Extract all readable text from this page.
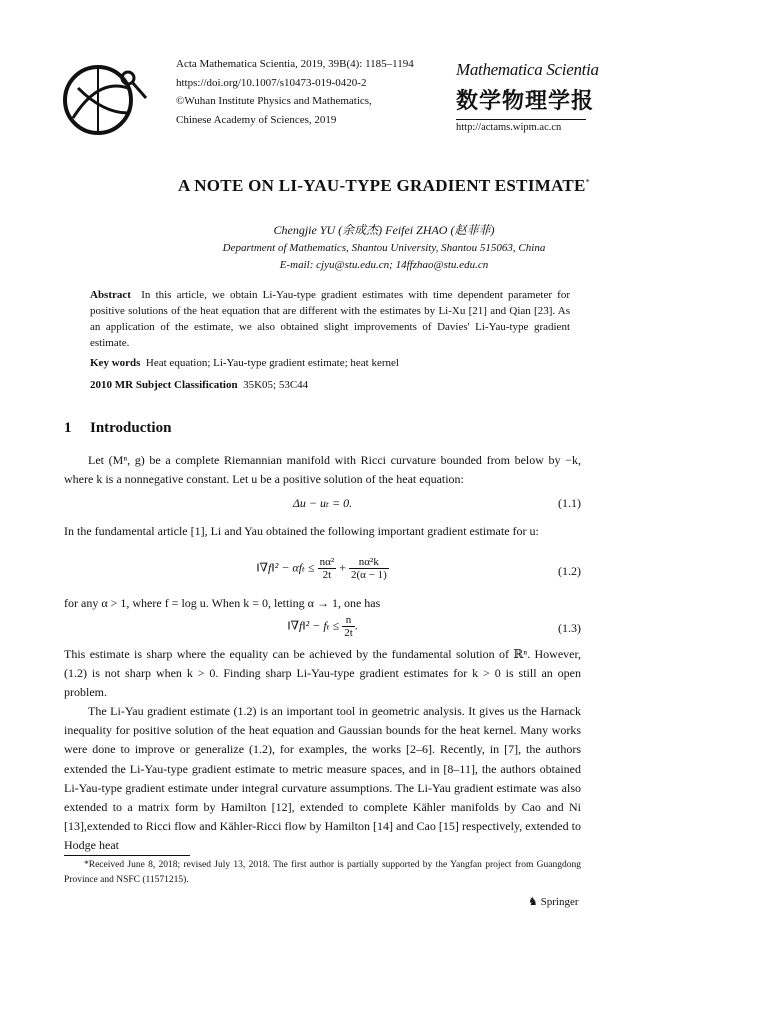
Acta Mathematica Scientia, 2019, 39B(4): 1185–1194
https://doi.org/10.1007/s10473-019-0420-2
©Wuhan Institute Physics and Mathematics,
Chinese Academy of Sciences, 2019
Mathematica Scientia
数学物理学报
http://actams.wipm.ac.cn
A NOTE ON LI-YAU-TYPE GRADIENT ESTIMATE*
Chengjie YU (余成杰) Feifei ZHAO (赵菲菲)
Department of Mathematics, Shantou University, Shantou 515063, China
E-mail: cjyu@stu.edu.cn; 14ffzhao@stu.edu.cn
Abstract In this article, we obtain Li-Yau-type gradient estimates with time dependent parameter for positive solutions of the heat equation that are different with the estimates by Li-Xu [21] and Qian [23]. As an application of the estimate, we also obtained slight improvements of Davies' Li-Yau-type gradient estimate.
Key words Heat equation; Li-Yau-type gradient estimate; heat kernel
2010 MR Subject Classification 35K05; 53C44
1 Introduction
Let (Mⁿ, g) be a complete Riemannian manifold with Ricci curvature bounded from below by −k, where k is a nonnegative constant. Let u be a positive solution of the heat equation:
Δu − uₜ = 0.	(1.1)
In the fundamental article [1], Li and Yau obtained the following important gradient estimate for u:
‖∇f‖² − $\alpha f_t \le \frac{\text{nα²}}{2t} + \frac{\text{nα²k}}{2(\alpha - 1)}$	(1.2)
for any α > 1, where f = log u. When k = 0, letting α → 1, one has
‖∇f‖² − $f_t \le \frac{n}{2t}$ .	(1.3)
This estimate is sharp where the equality can be achieved by the fundamental solution of ℝⁿ. However, (1.2) is not sharp when k > 0. Finding sharp Li-Yau-type gradient estimates for k > 0 is still an open problem.
The Li-Yau gradient estimate (1.2) is an important tool in geometric analysis. It gives us the Harnack inequality for positive solution of the heat equation and Gaussian bounds for the heat kernel. Many works were done to improve or generalize (1.2), for examples, the works [2–6]. Recently, in [7], the authors extended the Li-Yau-type gradient estimate to metric measure spaces, and in [8–11], the authors obtained Li-Yau-type gradient estimate under integral curvature assumptions. The Li-Yau gradient estimate was also extended to a matrix form by Hamilton [12], extended to complete Kähler manifolds by Cao and Ni [13],extended to Ricci flow and Kähler-Ricci flow by Hamilton [14] and Cao [15] respectively, extended to Hodge heat
*Received June 8, 2018; revised July 13, 2018. The first author is partially supported by the Yangfan project from Guangdong Province and NSFC (11571215).
♞ Springer
